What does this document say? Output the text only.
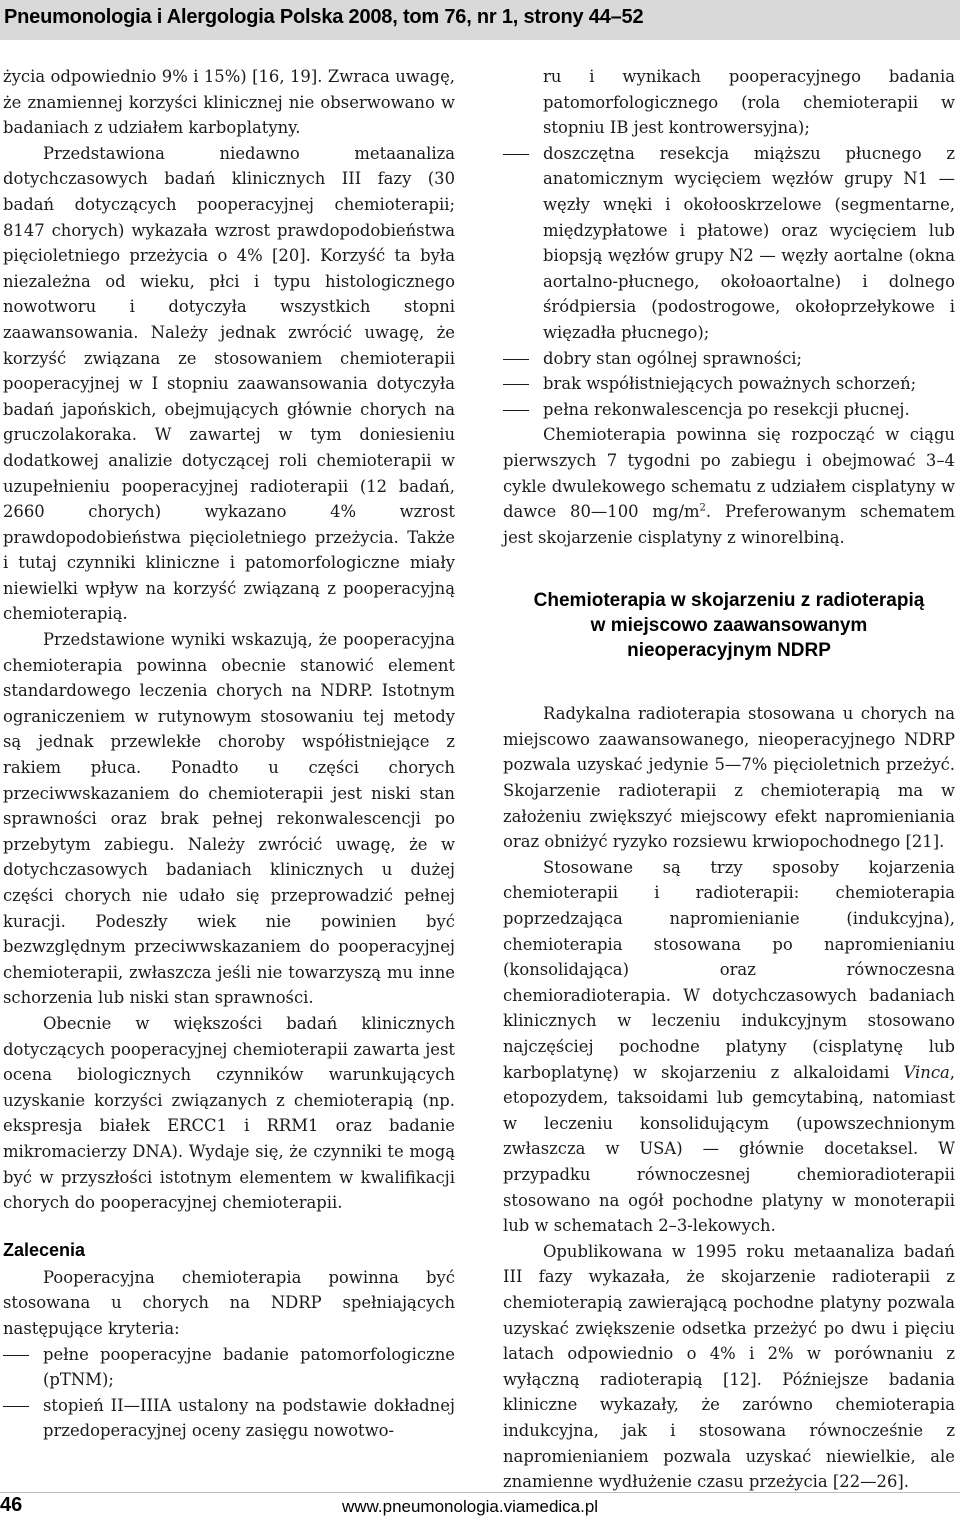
Pneumonologia i Alergologia Polska 2008, tom 76, nr 1, strony 44–52

życia odpowiednio 9% i 15%) [16, 19]. Zwraca uwagę, że znamiennej korzyści klinicznej nie obserwowano w badaniach z udziałem karboplatyny.

Przedstawiona niedawno metaanaliza dotychczasowych badań klinicznych III fazy (30 badań dotyczących pooperacyjnej chemioterapii; 8147 chorych) wykazała wzrost prawdopodobieństwa pięcioletniego przeżycia o 4% [20]. Korzyść ta była niezależna od wieku, płci i typu histologicznego nowotworu i dotyczyła wszystkich stopni zaawansowania. Należy jednak zwrócić uwagę, że korzyść związana ze stosowaniem chemioterapii pooperacyjnej w I stopniu zaawansowania dotyczyła badań japońskich, obejmujących głównie chorych na gruczolakoraka. W zawartej w tym doniesieniu dodatkowej analizie dotyczącej roli chemioterapii w uzupełnieniu pooperacyjnej radioterapii (12 badań, 2660 chorych) wykazano 4% wzrost prawdopodobieństwa pięcioletniego przeżycia. Także i tutaj czynniki kliniczne i patomorfologiczne miały niewielki wpływ na korzyść związaną z pooperacyjną chemioterapią.

Przedstawione wyniki wskazują, że pooperacyjna chemioterapia powinna obecnie stanowić element standardowego leczenia chorych na NDRP. Istotnym ograniczeniem w rutynowym stosowaniu tej metody są jednak przewlekłe choroby współistniejące z rakiem płuca. Ponadto u części chorych przeciwwskazaniem do chemioterapii jest niski stan sprawności oraz brak pełnej rekonwalescencji po przebytym zabiegu. Należy zwrócić uwagę, że w dotychczasowych badaniach klinicznych u dużej części chorych nie udało się przeprowadzić pełnej kuracji. Podeszły wiek nie powinien być bezwzględnym przeciwwskazaniem do pooperacyjnej chemioterapii, zwłaszcza jeśli nie towarzyszą mu inne schorzenia lub niski stan sprawności.

Obecnie w większości badań klinicznych dotyczących pooperacyjnej chemioterapii zawarta jest ocena biologicznych czynników warunkujących uzyskanie korzyści związanych z chemioterapią (np. ekspresja białek ERCC1 i RRM1 oraz badanie mikromacierzy DNA). Wydaje się, że czynniki te mogą być w przyszłości istotnym elementem w kwalifikacji chorych do pooperacyjnej chemioterapii.

Zalecenia

Pooperacyjna chemioterapia powinna być stosowana u chorych na NDRP spełniających następujące kryteria:

pełne pooperacyjne badanie patomorfologiczne (pTNM);
stopień II—IIIA ustalony na podstawie dokładnej przedoperacyjnej oceny zasięgu nowotwo-

ru i wynikach pooperacyjnego badania patomorfologicznego (rola chemioterapii w stopniu IB jest kontrowersyjna);

doszczętna resekcja miąższu płucnego z anatomicznym wycięciem węzłów grupy N1 — węzły wnęki i okołooskrzelowe (segmentarne, międzypłatowe i płatowe) oraz wycięciem lub biopsją węzłów grupy N2 — węzły aortalne (okna aortalno-płucnego, okołoaortalne) i dolnego śródpiersia (podostrogowe, okołoprzełykowe i więzadła płucnego);
dobry stan ogólnej sprawności;
brak współistniejących poważnych schorzeń;
pełna rekonwalescencja po resekcji płucnej.

Chemioterapia powinna się rozpocząć w ciągu pierwszych 7 tygodni po zabiegu i obejmować 3–4 cykle dwulekowego schematu z udziałem cisplatyny w dawce 80—100 $mg/m^2$. Preferowanym schematem jest skojarzenie cisplatyny z winorelbiną.

Chemioterapia w skojarzeniu z radioterapią
w miejscowo zaawansowanym
nieoperacyjnym NDRP

Radykalna radioterapia stosowana u chorych na miejscowo zaawansowanego, nieoperacyjnego NDRP pozwala uzyskać jedynie 5—7% pięcioletnich przeżyć. Skojarzenie radioterapii z chemioterapią ma w założeniu zwiększyć miejscowy efekt napromieniania oraz obniżyć ryzyko rozsiewu krwiopochodnego [21].

Stosowane są trzy sposoby kojarzenia chemioterapii i radioterapii: chemioterapia poprzedzająca napromienianie (indukcyjna), chemioterapia stosowana po napromienianiu (konsolidająca) oraz równoczesna chemioradioterapia. W dotychczasowych badaniach klinicznych w leczeniu indukcyjnym stosowano najczęściej pochodne platyny (cisplatynę lub karboplatynę) w skojarzeniu z alkaloidami Vinca, etopozydem, taksoidami lub gemcytabiną, natomiast w leczeniu konsolidującym (upowszechnionym zwłaszcza w USA) — głównie docetaksel. W przypadku równoczesnej chemioradioterapii stosowano na ogół pochodne platyny w monoterapii lub w schematach 2–3-lekowych.

Opublikowana w 1995 roku metaanaliza badań III fazy wykazała, że skojarzenie radioterapii z chemioterapią zawierającą pochodne platyny pozwala uzyskać zwiększenie odsetka przeżyć po dwu i pięciu latach odpowiednio o 4% i 2% w porównaniu z wyłączną radioterapią [12]. Późniejsze badania kliniczne wykazały, że zarówno chemioterapia indukcyjna, jak i stosowana równocześnie z napromienianiem pozwala uzyskać niewielkie, ale znamienne wydłużenie czasu przeżycia [22—26].

46	www.pneumonologia.viamedica.pl
